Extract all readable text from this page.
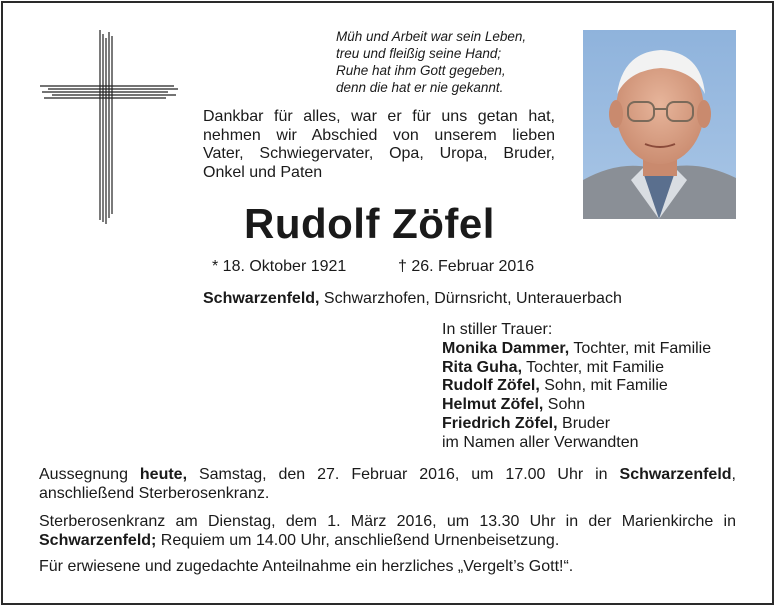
Müh und Arbeit war sein Leben,
treu und fleißig seine Hand;
Ruhe hat ihm Gott gegeben,
denn die hat er nie gekannt.
Dankbar für alles, war er für uns getan hat,
nehmen wir Abschied von unserem lieben
Vater, Schwiegervater, Opa, Uropa, Bruder,
Onkel und Paten
Rudolf Zöfel
* 18. Oktober 1921	† 26. Februar 2016
Schwarzenfeld, Schwarzhofen, Dürnsricht, Unterauerbach
In stiller Trauer:
Monika Dammer, Tochter, mit Familie
Rita Guha, Tochter, mit Familie
Rudolf Zöfel, Sohn, mit Familie
Helmut Zöfel, Sohn
Friedrich Zöfel, Bruder
im Namen aller Verwandten
Aussegnung heute, Samstag, den 27. Februar 2016, um 17.00 Uhr in Schwarzenfeld,
anschließend Sterberosenkranz.
Sterberosenkranz am Dienstag, dem 1. März 2016, um 13.30 Uhr in der Marienkirche in
Schwarzenfeld; Requiem um 14.00 Uhr, anschließend Urnenbeisetzung.
Für erwiesene und zugedachte Anteilnahme ein herzliches „Vergelt’s Gott!“.
